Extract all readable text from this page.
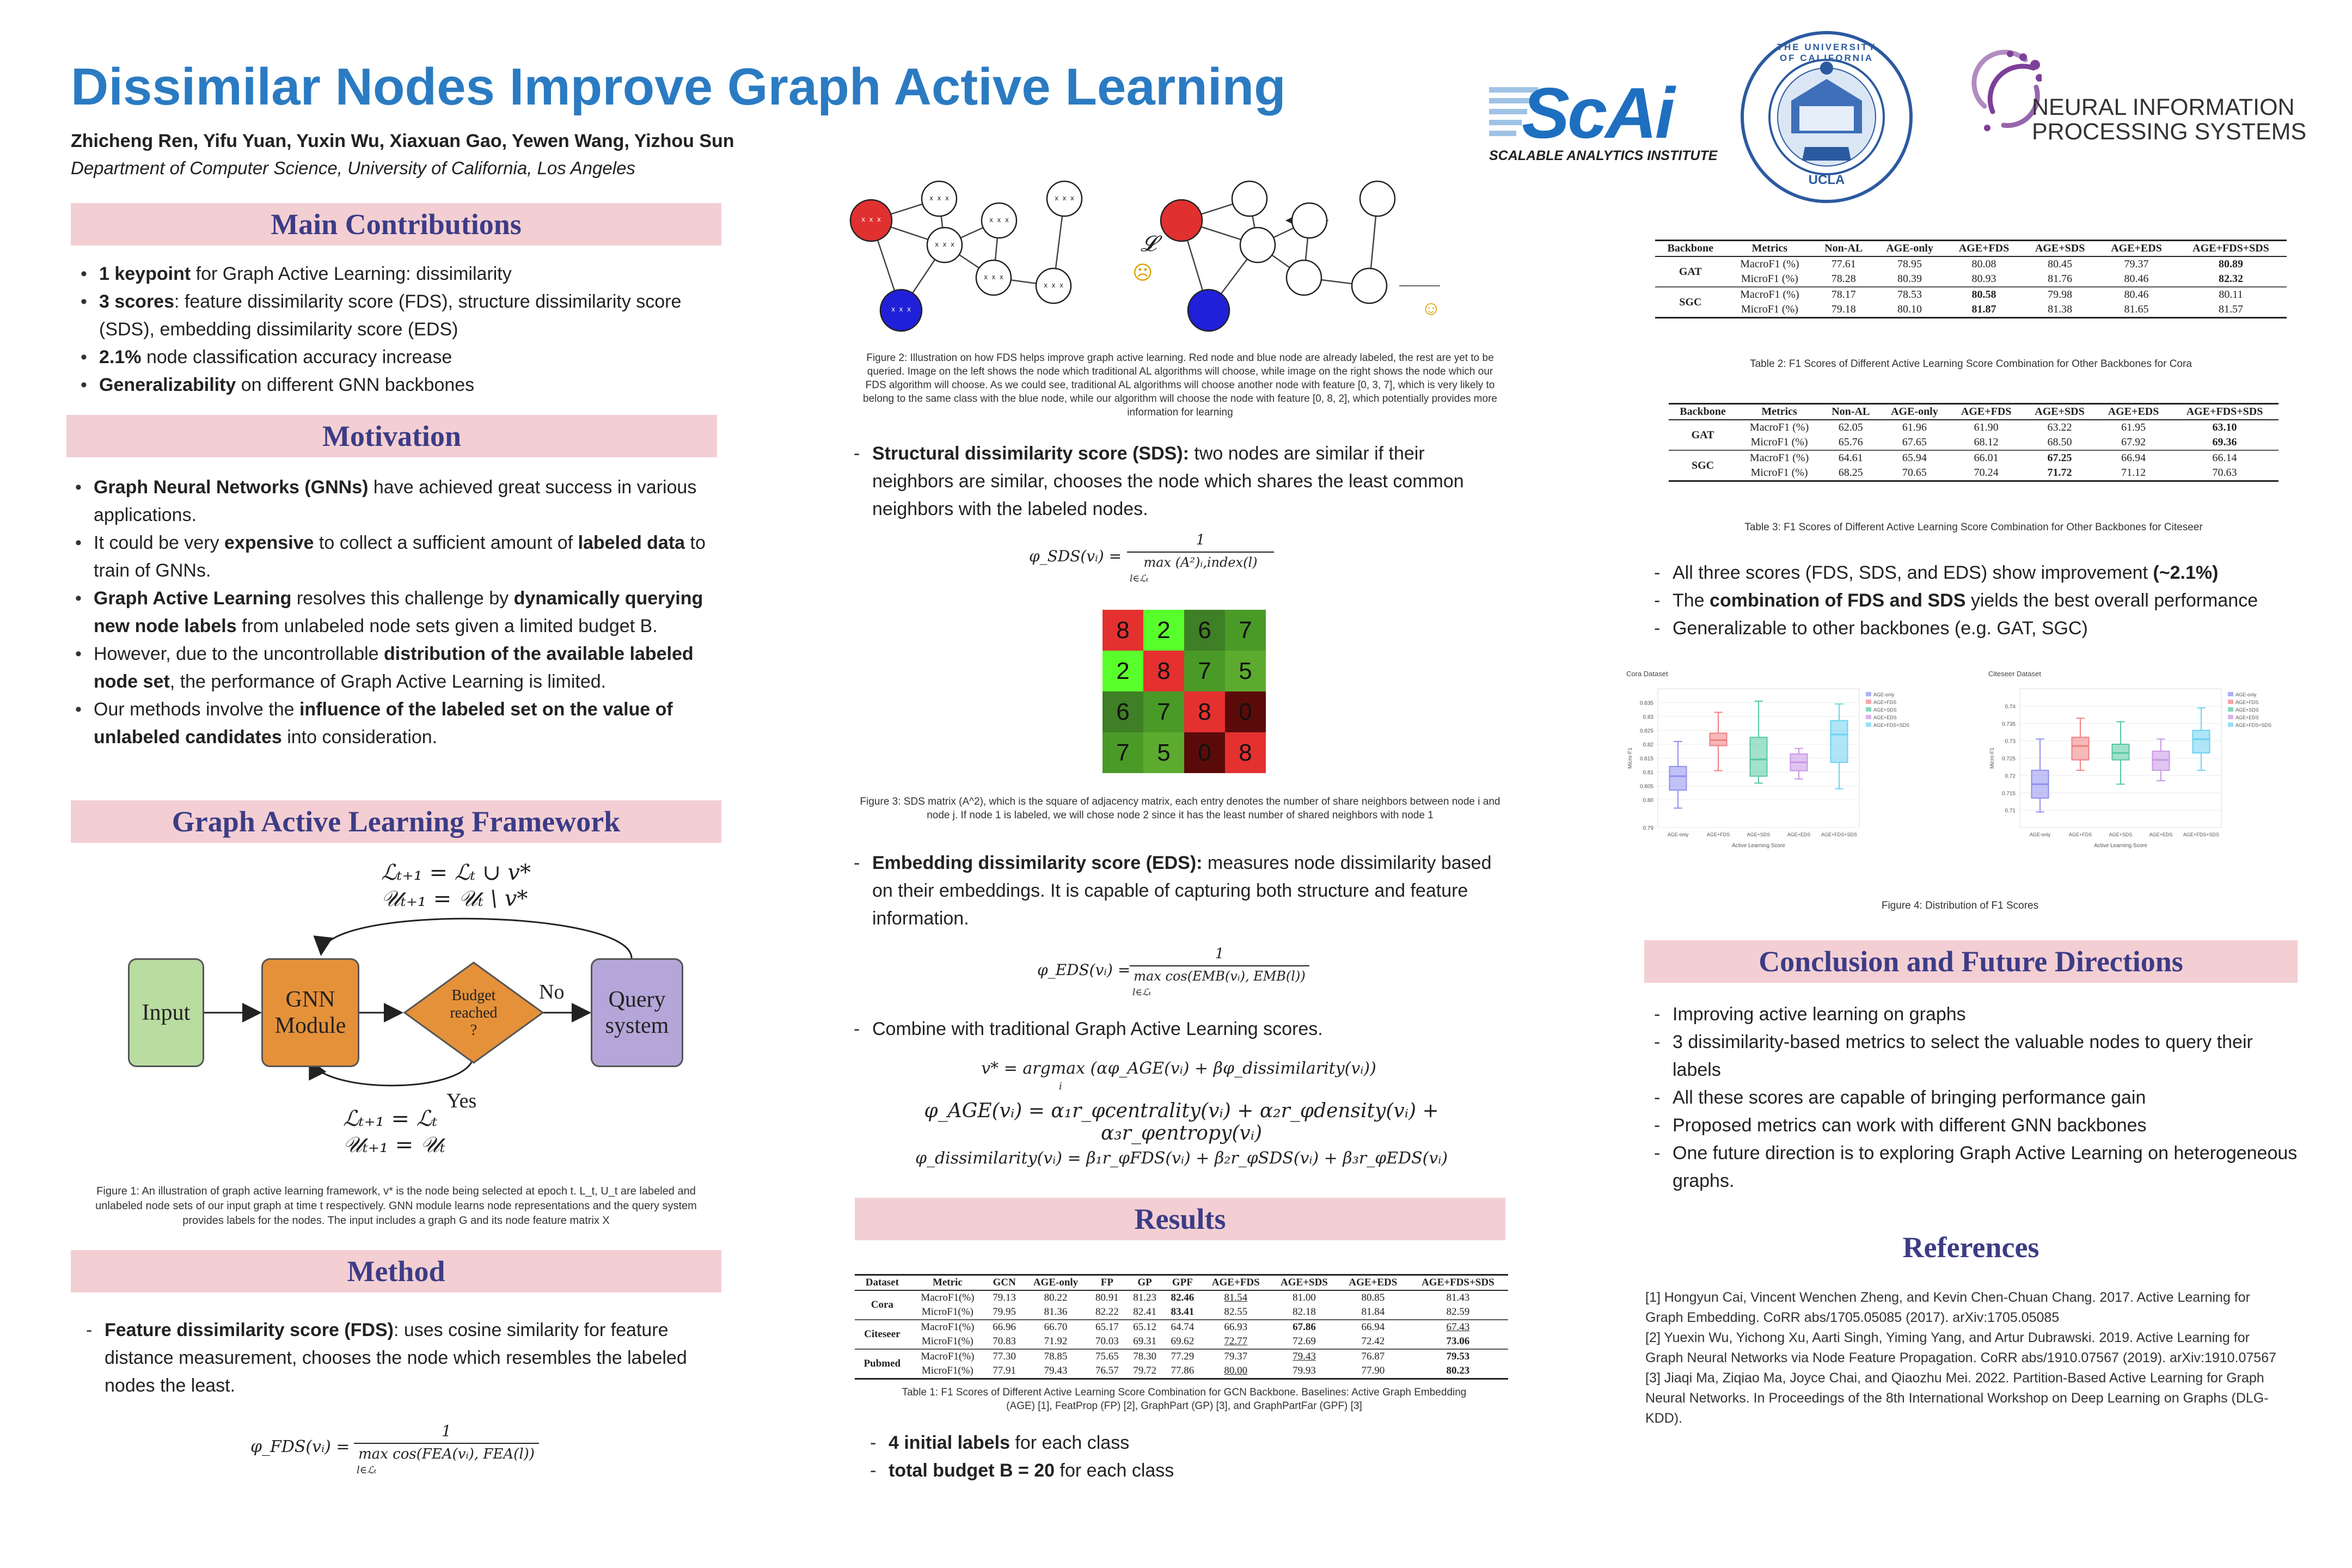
Dissimilar Nodes Improve Graph Active Learning
Zhicheng Ren, Yifu Yuan, Yuxin Wu, Xiaxuan Gao, Yewen Wang, Yizhou Sun
Department of Computer Science, University of California, Los Angeles
ScAi
SCALABLE ANALYTICS INSTITUTE
THE UNIVERSITY OF CALIFORNIA
UCLA
NEURAL INFORMATION
PROCESSING SYSTEMS
Main Contributions
• 1 keypoint for Graph Active Learning: dissimilarity
• 3 scores: feature dissimilarity score (FDS), structure dissimilarity score (SDS), embedding dissimilarity score (EDS)
• 2.1% node classification accuracy increase
• Generalizability on different GNN backbones
Motivation
• Graph Neural Networks (GNNs) have achieved great success in various applications.
• It could be very expensive to collect a sufficient amount of labeled data to train of GNNs.
• Graph Active Learning resolves this challenge by dynamically querying new node labels from unlabeled node sets given a limited budget B.
• However, due to the uncontrollable distribution of the available labeled node set, the performance of Graph Active Learning is limited.
• Our methods involve the influence of the labeled set on the value of unlabeled candidates into consideration.
Graph Active Learning Framework
ℒₜ₊₁ = ℒₜ ∪ v*
𝒰ₜ₊₁ = 𝒰ₜ \ v*
Input
GNN
Module
Budget
reached
?
No Query
system
Yes
ℒₜ₊₁ = ℒₜ
𝒰ₜ₊₁ = 𝒰ₜ
Figure 1: An illustration of graph active learning framework, v* is the node being selected at epoch t. L_t, U_t are labeled and unlabeled node sets of our input graph at time t respectively. GNN module learns node representations and the query system provides labels for the nodes. The input includes a graph G and its node feature matrix X
Method
- Feature dissimilarity score (FDS): uses cosine similarity for feature distance measurement, chooses the node which resembles the labeled nodes the least.
φ_FDS(vᵢ) =
1
max cos(FEA(vᵢ), FEA(l))
l∈ℒₜ
x x x
x x x
x x x
x x x
x x x
x x x
x x x
x x x
𝓛
☹
☺
Figure 2: Illustration on how FDS helps improve graph active learning. Red node and blue node are already labeled, the rest are yet to be queried. Image on the left shows the node which traditional AL algorithms will choose, while image on the right shows the node which our FDS algorithm will choose. As we could see, traditional AL algorithms will choose another node with feature [0, 3, 7], which is very likely to belong to the same class with the blue node, while our algorithm will choose the node with feature [0, 8, 2], which potentially provides more information for learning
- Structural dissimilarity score (SDS): two nodes are similar if their neighbors are similar, chooses the node which shares the least common neighbors with the labeled nodes.
φ_SDS(vᵢ) =
1
max (A²)ᵢ,index(l)
l∈ℒₜ
8	2	6	7
2	8	7	5
6	7	8	0
7	5	0	8
Figure 3: SDS matrix (A^2), which is the square of adjacency matrix, each entry denotes the number of share neighbors between node i and node j. If node 1 is labeled, we will chose node 2 since it has the least number of shared neighbors with node 1
- Embedding dissimilarity score (EDS): measures node dissimilarity based on their embeddings. It is capable of capturing both structure and feature information.
φ_EDS(vᵢ) =
1
max cos(EMB(vᵢ), EMB(l))
l∈ℒₜ
- Combine with traditional Graph Active Learning scores.
v* = argmax (αφ_AGE(vᵢ) + βφ_dissimilarity(vᵢ))
i
φ_AGE(vᵢ) = α₁r_φcentrality(vᵢ) + α₂r_φdensity(vᵢ) + α₃r_φentropy(vᵢ)
φ_dissimilarity(vᵢ) = β₁r_φFDS(vᵢ) + β₂r_φSDS(vᵢ) + β₃r_φEDS(vᵢ)
Results
Dataset	Metric	GCN	AGE-only	FP	GP	GPF	AGE+FDS	AGE+SDS	AGE+EDS	AGE+FDS+SDS
Cora	MacroF1(%)	79.13	80.22	80.91	81.23	82.46	81.54	81.00	80.85	81.43
	MicroF1(%)	79.95	81.36	82.22	82.41	83.41	82.55	82.18	81.84	82.59
Citeseer	MacroF1(%)	66.96	66.70	65.17	65.12	64.74	66.93	67.86	66.94	67.43
	MicroF1(%)	70.83	71.92	70.03	69.31	69.62	72.77	72.69	72.42	73.06
Pubmed	MacroF1(%)	77.30	78.85	75.65	78.30	77.29	79.37	79.43	76.87	79.53
	MicroF1(%)	77.91	79.43	76.57	79.72	77.86	80.00	79.93	77.90	80.23
Table 1: F1 Scores of Different Active Learning Score Combination for GCN Backbone. Baselines: Active Graph Embedding (AGE) [1], FeatProp (FP) [2], GraphPart (GP) [3], and GraphPartFar (GPF) [3]
- 4 initial labels for each class
- total budget B = 20 for each class
Backbone	Metrics	Non-AL	AGE-only	AGE+FDS	AGE+SDS	AGE+EDS	AGE+FDS+SDS
GAT	MacroF1 (%)	77.61	78.95	80.08	80.45	79.37	80.89
	MicroF1 (%)	78.28	80.39	80.93	81.76	80.46	82.32
SGC	MacroF1 (%)	78.17	78.53	80.58	79.98	80.46	80.11
	MicroF1 (%)	79.18	80.10	81.87	81.38	81.65	81.57
Table 2: F1 Scores of Different Active Learning Score Combination for Other Backbones for Cora
Backbone	Metrics	Non-AL	AGE-only	AGE+FDS	AGE+SDS	AGE+EDS	AGE+FDS+SDS
GAT	MacroF1 (%)	62.05	61.96	61.90	63.22	61.95	63.10
	MicroF1 (%)	65.76	67.65	68.12	68.50	67.92	69.36
SGC	MacroF1 (%)	64.61	65.94	66.01	67.25	66.94	66.14
	MicroF1 (%)	68.25	70.65	70.24	71.72	71.12	70.63
Table 3: F1 Scores of Different Active Learning Score Combination for Other Backbones for Citeseer
- All three scores (FDS, SDS, and EDS) show improvement (~2.1%)
- The combination of FDS and SDS yields the best overall performance
- Generalizable to other backbones (e.g. GAT, SGC)
Cora Dataset
0.79
0.80
0.805
0.81
0.815
0.82
0.825
0.83
0.835
AGE-only	AGE+FDS	AGE+SDS	AGE+EDS AGE+FDS+SDS
Active Learning Score
Micro F1
AGE-only
AGE+FDS
AGE+SDS
AGE+EDS
AGE+FDS+SDS
Citeseer Dataset
0.71
0.715
0.72
0.725
0.73
0.735
0.74
AGE-only	AGE+FDS	AGE+SDS	AGE+EDS AGE+FDS+SDS
Active Learning Score
Micro F1
AGE-only
AGE+FDS
AGE+SDS
AGE+EDS
AGE+FDS+SDS
Figure 4: Distribution of F1 Scores
Conclusion and Future Directions
- Improving active learning on graphs
- 3 dissimilarity-based metrics to select the valuable nodes to query their labels
- All these scores are capable of bringing performance gain
- Proposed metrics can work with different GNN backbones
- One future direction is to exploring Graph Active Learning on heterogeneous graphs.
References
[1] Hongyun Cai, Vincent Wenchen Zheng, and Kevin Chen-Chuan Chang. 2017. Active Learning for Graph Embedding. CoRR abs/1705.05085 (2017). arXiv:1705.05085
[2] Yuexin Wu, Yichong Xu, Aarti Singh, Yiming Yang, and Artur Dubrawski. 2019. Active Learning for Graph Neural Networks via Node Feature Propagation. CoRR abs/1910.07567 (2019). arXiv:1910.07567
[3] Jiaqi Ma, Ziqiao Ma, Joyce Chai, and Qiaozhu Mei. 2022. Partition-Based Active Learning for Graph Neural Networks. In Proceedings of the 8th International Workshop on Deep Learning on Graphs (DLG-KDD).
